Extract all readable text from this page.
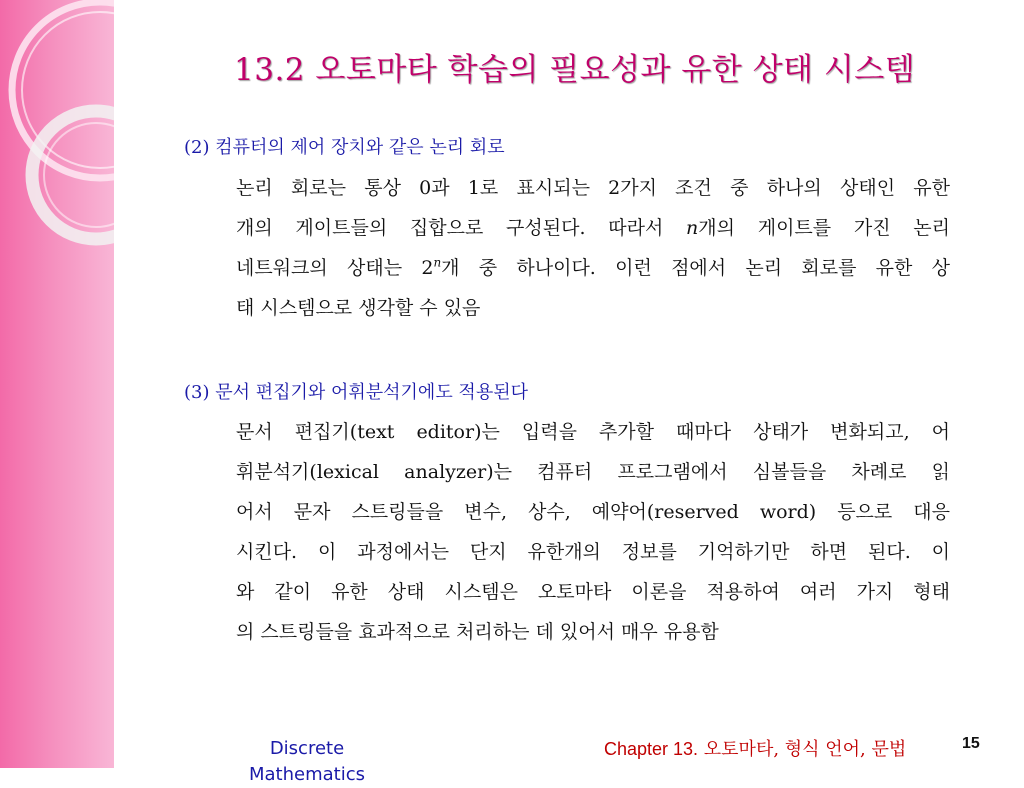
13.2 오토마타 학습의 필요성과 유한 상태 시스템
(2) 컴퓨터의 제어 장치와 같은 논리 회로
논리 회로는 통상 0과 1로 표시되는 2가지 조건 중 하나의 상태인 유한
개의 게이트들의 집합으로 구성된다. 따라서 n개의 게이트를 가진 논리
네트워크의 상태는 2$^n$개 중 하나이다. 이런 점에서 논리 회로를 유한 상
태 시스템으로 생각할 수 있음
(3) 문서 편집기와 어휘분석기에도 적용된다
문서 편집기(text editor)는 입력을 추가할 때마다 상태가 변화되고, 어
휘분석기(lexical analyzer)는 컴퓨터 프로그램에서 심볼들을 차례로 읽
어서 문자 스트링들을 변수, 상수, 예약어(reserved word) 등으로 대응
시킨다. 이 과정에서는 단지 유한개의 정보를 기억하기만 하면 된다. 이
와 같이 유한 상태 시스템은 오토마타 이론을 적용하여 여러 가지 형태
의 스트링들을 효과적으로 처리하는 데 있어서 매우 유용함
Discrete Mathematics
Chapter 13. 오토마타, 형식 언어, 문법	15
